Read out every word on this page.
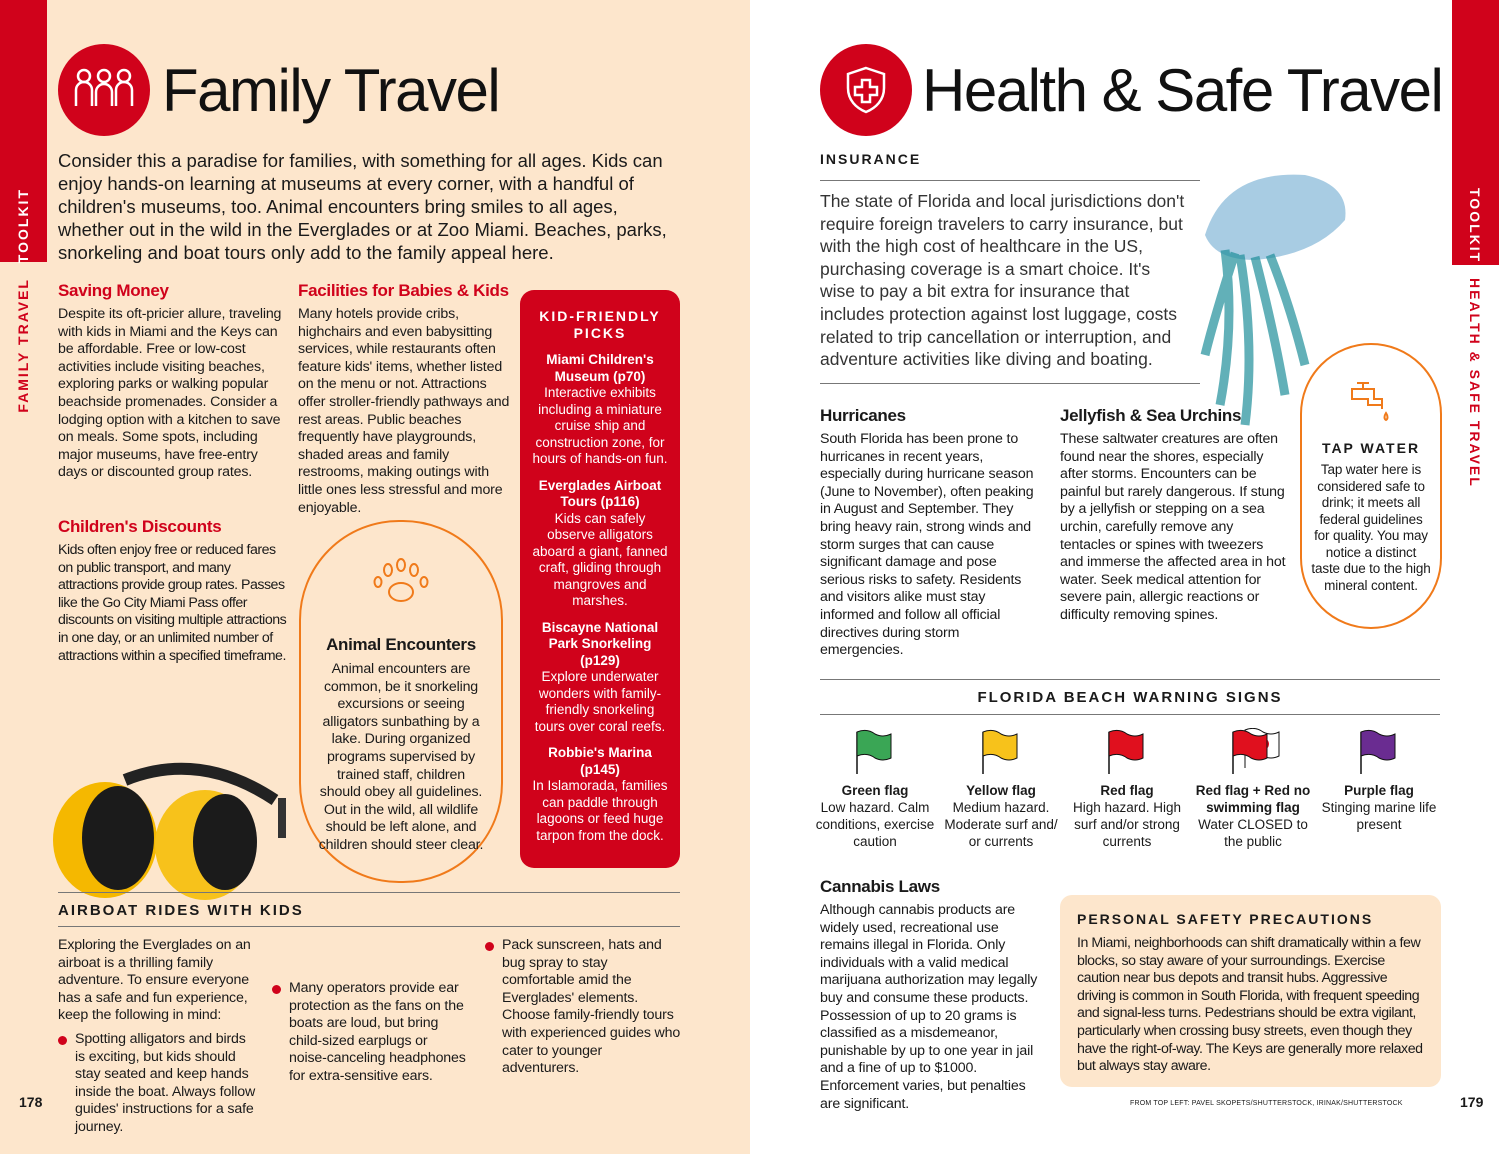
TOOLKIT
FAMILY TRAVEL
Family Travel
Consider this a paradise for families, with something for all ages. Kids can enjoy hands-on learning at museums at every corner, with a handful of children's museums, too. Animal encounters bring smiles to all ages, whether out in the wild in the Everglades or at Zoo Miami. Beaches, parks, snorkeling and boat tours only add to the family appeal here.
Saving Money
Despite its oft-pricier allure, traveling with kids in Miami and the Keys can be affordable. Free or low-cost activities include visiting beaches, exploring parks or walking popular beachside promenades. Consider a lodging option with a kitchen to save on meals. Some spots, including major museums, have free-entry days or discounted group rates.
Children's Discounts
Kids often enjoy free or reduced fares on public transport, and many attractions provide group rates. Passes like the Go City Miami Pass offer discounts on visiting multiple attractions in one day, or an unlimited number of attractions within a specified timeframe.
Facilities for Babies & Kids
Many hotels provide cribs, highchairs and even babysitting services, while restaurants often feature kids' items, whether listed on the menu or not. Attractions offer stroller-friendly pathways and rest areas. Public beaches frequently have playgrounds, shaded areas and family restrooms, making outings with little ones less stressful and more enjoyable.
Animal Encounters
Animal encounters are common, be it snorkeling excursions or seeing alligators sunbathing by a lake. During organized programs supervised by trained staff, children should obey all guidelines. Out in the wild, all wildlife should be left alone, and children should steer clear.
KID-FRIENDLY PICKS
Miami Children's Museum (p70)
Interactive exhibits including a miniature cruise ship and construction zone, for hours of hands-on fun.
Everglades Airboat Tours (p116)
Kids can safely observe alligators aboard a giant, fanned craft, gliding through mangroves and marshes.
Biscayne National Park Snorkeling (p129)
Explore underwater wonders with family-friendly snorkeling tours over coral reefs.
Robbie's Marina (p145)
In Islamorada, families can paddle through lagoons or feed huge tarpon from the dock.
AIRBOAT RIDES WITH KIDS
Exploring the Everglades on an airboat is a thrilling family adventure. To ensure everyone has a safe and fun experience, keep the following in mind:
Spotting alligators and birds is exciting, but kids should stay seated and keep hands inside the boat. Always follow guides' instructions for a safe journey.
Many operators provide ear protection as the fans on the boats are loud, but bring child-sized earplugs or noise-canceling headphones for extra-sensitive ears.
Pack sunscreen, hats and bug spray to stay comfortable amid the Everglades' elements. Choose family-friendly tours with experienced guides who cater to younger adventurers.
178
TOOLKIT
HEALTH & SAFE TRAVEL
Health & Safe Travel
INSURANCE
The state of Florida and local jurisdictions don't require foreign travelers to carry insurance, but with the high cost of healthcare in the US, purchasing coverage is a smart choice. It's wise to pay a bit extra for insurance that includes protection against lost luggage, costs related to trip cancellation or interruption, and adventure activities like diving and boating.
TAP WATER
Tap water here is considered safe to drink; it meets all federal guidelines for quality. You may notice a distinct taste due to the high mineral content.
Hurricanes
South Florida has been prone to hurricanes in recent years, especially during hurricane season (June to November), often peaking in August and September. They bring heavy rain, strong winds and storm surges that can cause significant damage and pose serious risks to safety. Residents and visitors alike must stay informed and follow all official directives during storm emergencies.
Jellyfish & Sea Urchins
These saltwater creatures are often found near the shores, especially after storms. Encounters can be painful but rarely dangerous. If stung by a jellyfish or stepping on a sea urchin, carefully remove any tentacles or spines with tweezers and immerse the affected area in hot water. Seek medical attention for severe pain, allergic reactions or difficulty removing spines.
FLORIDA BEACH WARNING SIGNS
Green flag
Low hazard. Calm conditions, exercise caution
Yellow flag
Medium hazard. Moderate surf and/ or currents
Red flag
High hazard. High surf and/or strong currents
Red flag + Red no swimming flag
Water CLOSED to the public
Purple flag
Stinging marine life present
Cannabis Laws
Although cannabis products are widely used, recreational use remains illegal in Florida. Only individuals with a valid medical marijuana authorization may legally buy and consume these products. Possession of up to 20 grams is classified as a misdemeanor, punishable by up to one year in jail and a fine of up to $1000. Enforcement varies, but penalties are significant.
PERSONAL SAFETY PRECAUTIONS
In Miami, neighborhoods can shift dramatically within a few blocks, so stay aware of your surroundings. Exercise caution near bus depots and transit hubs. Aggressive driving is common in South Florida, with frequent speeding and signal-less turns. Pedestrians should be extra vigilant, particularly when crossing busy streets, even though they have the right-of-way. The Keys are generally more relaxed but always stay aware.
FROM TOP LEFT: PAVEL SKOPETS/SHUTTERSTOCK, IRINAK/SHUTTERSTOCK	179
